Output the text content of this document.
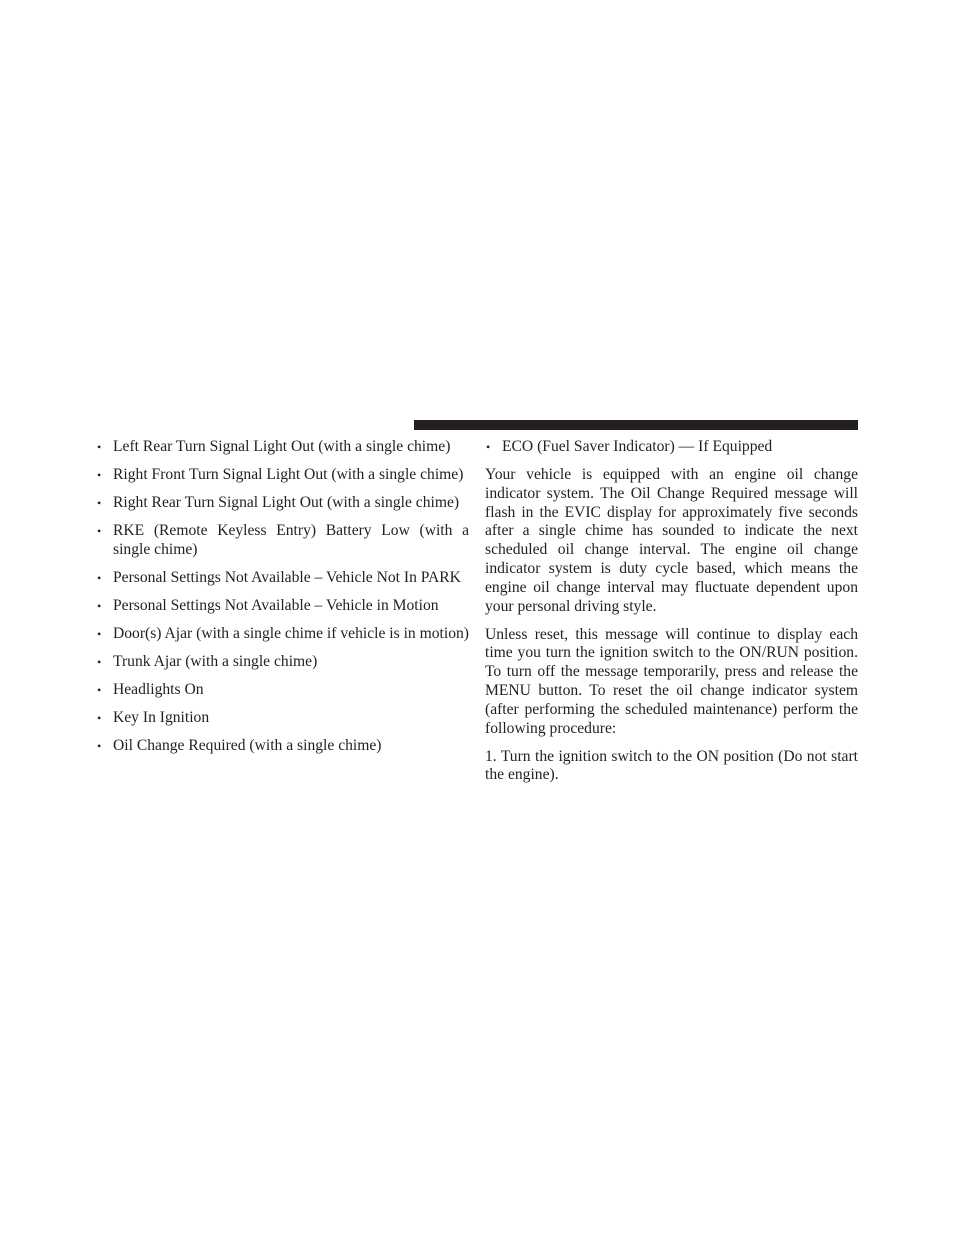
• Left Rear Turn Signal Light Out (with a single chime)
• Right Front Turn Signal Light Out (with a single chime)
• Right Rear Turn Signal Light Out (with a single chime)
• RKE (Remote Keyless Entry) Battery Low (with a single chime)
• Personal Settings Not Available – Vehicle Not In PARK
• Personal Settings Not Available – Vehicle in Motion
• Door(s) Ajar (with a single chime if vehicle is in motion)
• Trunk Ajar (with a single chime)
• Headlights On
• Key In Ignition
• Oil Change Required (with a single chime)
• ECO (Fuel Saver Indicator) — If Equipped

Your vehicle is equipped with an engine oil change indicator system. The Oil Change Required message will flash in the EVIC display for approximately five seconds after a single chime has sounded to indicate the next scheduled oil change interval. The engine oil change indicator system is duty cycle based, which means the engine oil change interval may fluctuate dependent upon your personal driving style.

Unless reset, this message will continue to display each time you turn the ignition switch to the ON/RUN position. To turn off the message temporarily, press and release the MENU button. To reset the oil change indicator system (after performing the scheduled maintenance) perform the following procedure:

1. Turn the ignition switch to the ON position (Do not start the engine).
